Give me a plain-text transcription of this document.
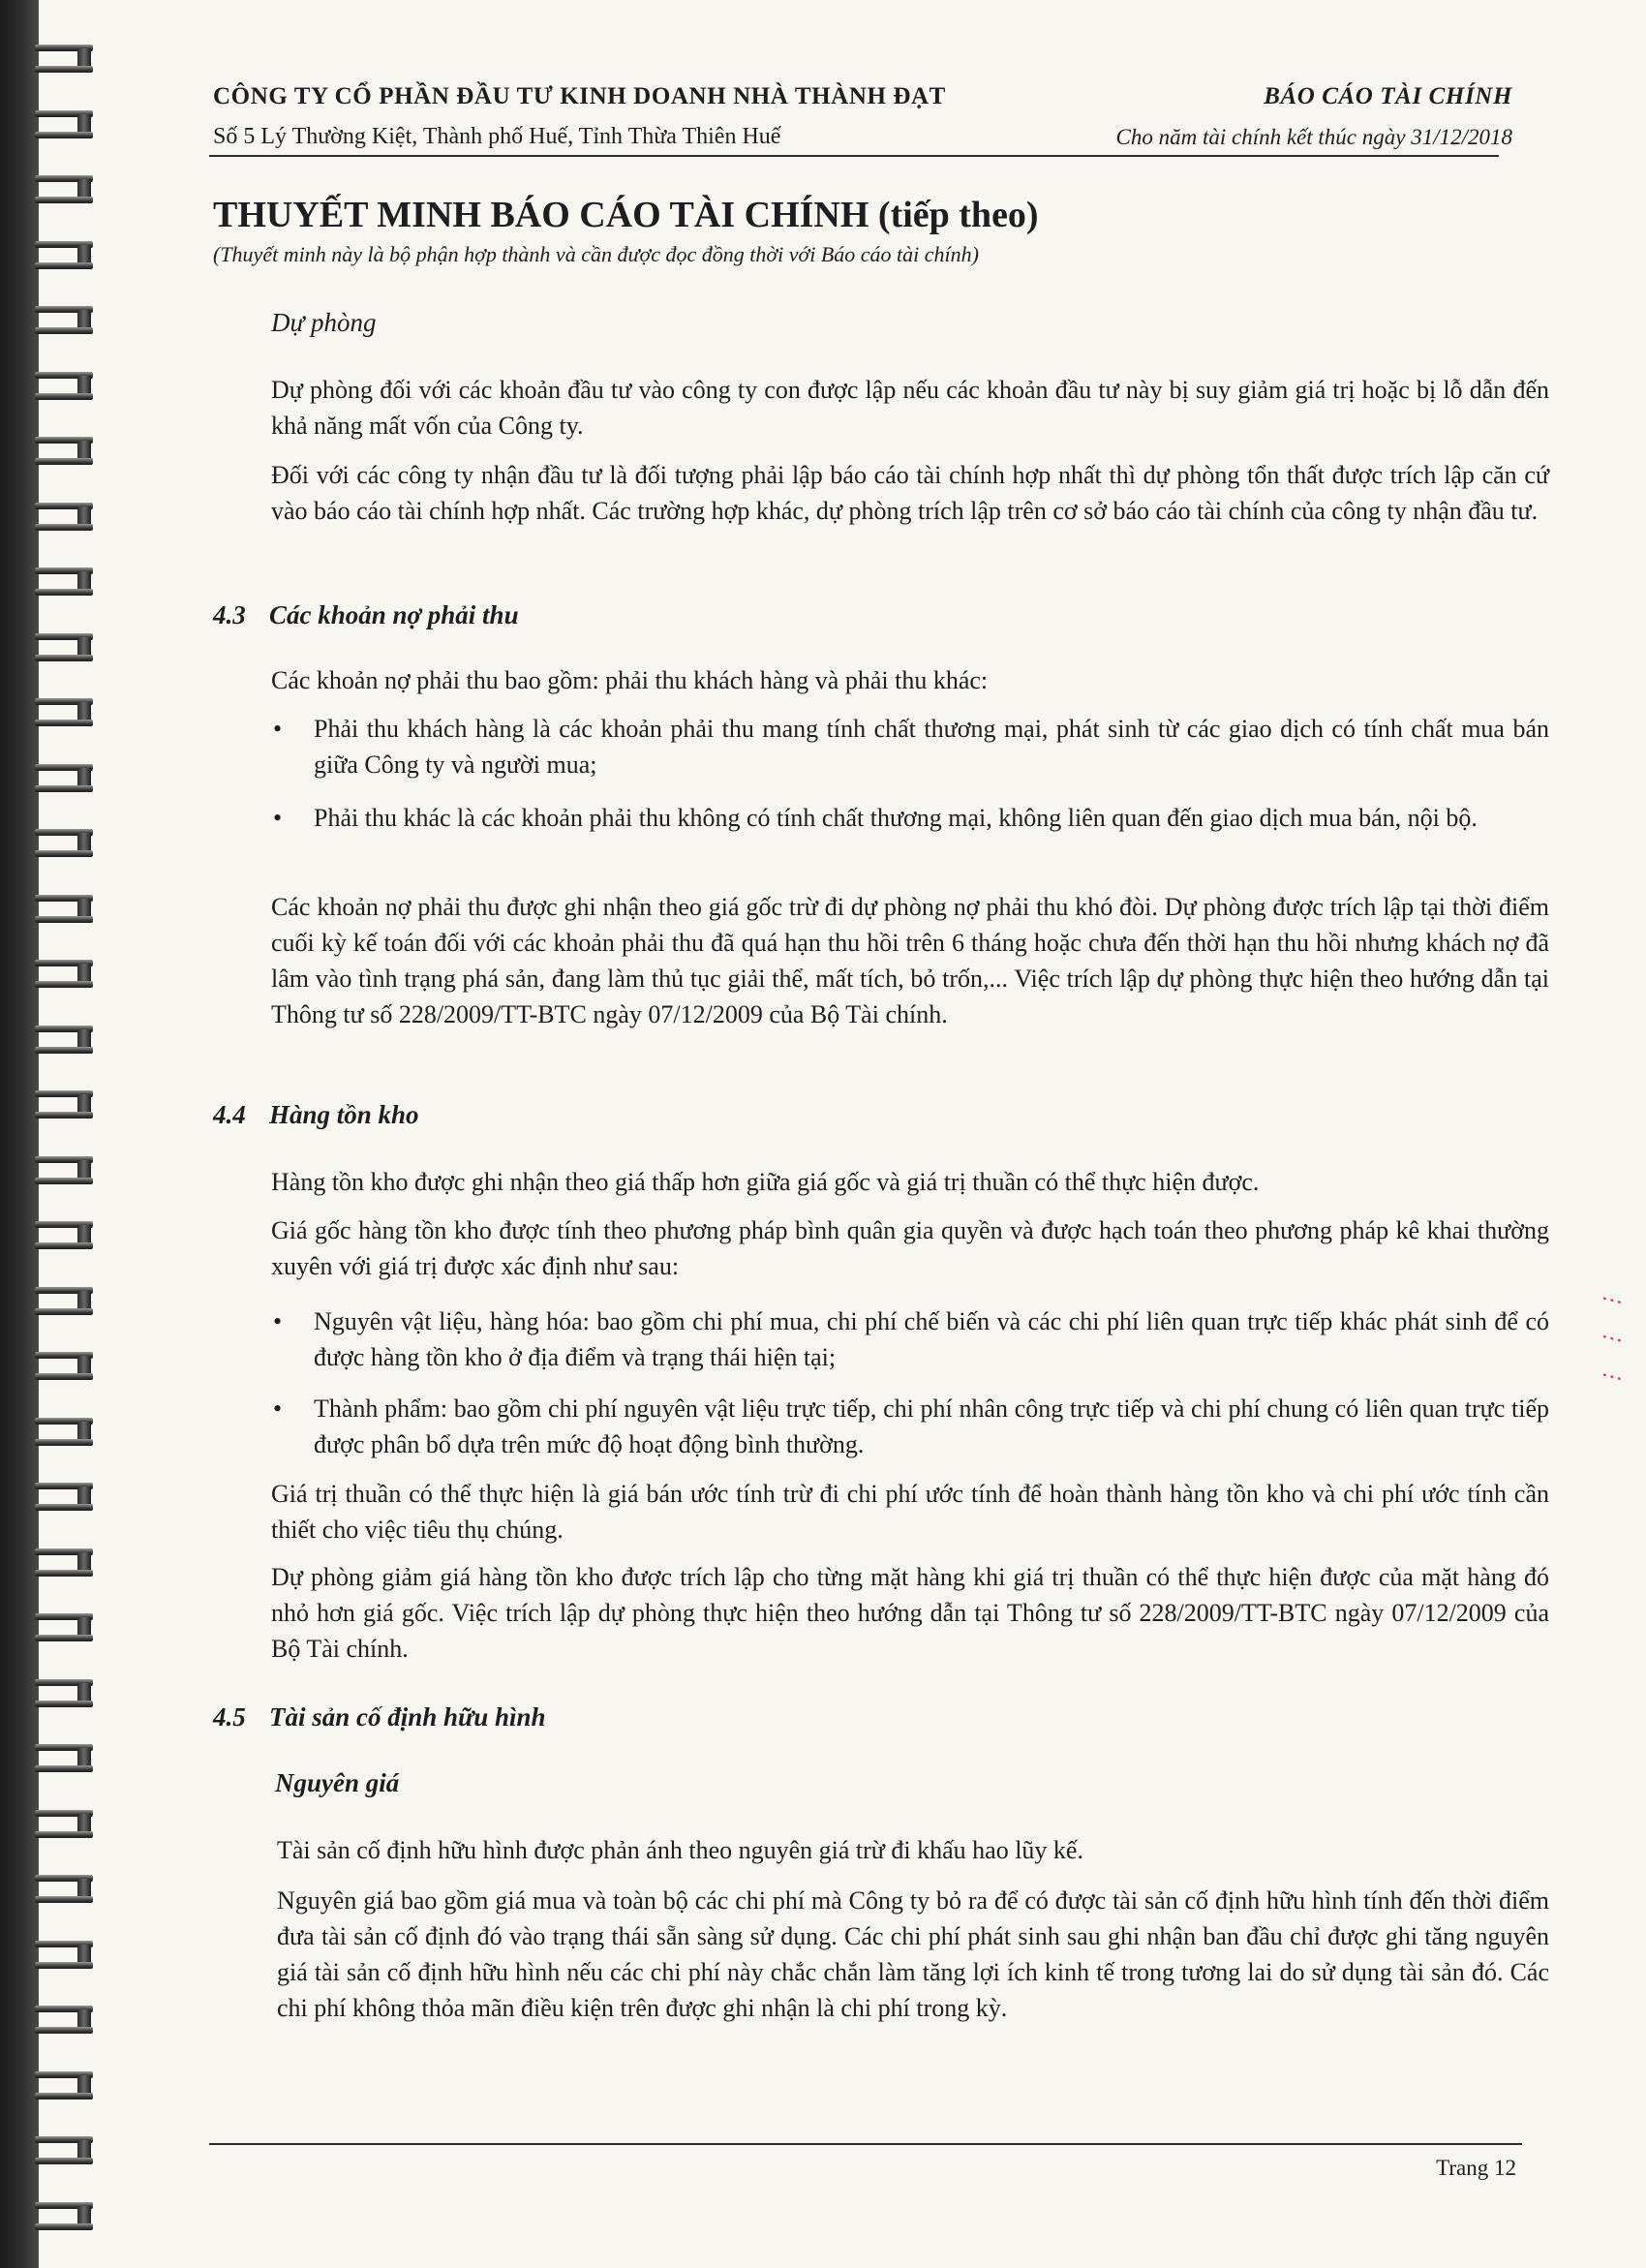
CÔNG TY CỔ PHẦN ĐẦU TƯ KINH DOANH NHÀ THÀNH ĐẠT
Số 5 Lý Thường Kiệt, Thành phố Huế, Tỉnh Thừa Thiên Huế
BÁO CÁO TÀI CHÍNH
Cho năm tài chính kết thúc ngày 31/12/2018
THUYẾT MINH BÁO CÁO TÀI CHÍNH (tiếp theo)
(Thuyết minh này là bộ phận hợp thành và cần được đọc đồng thời với Báo cáo tài chính)
Dự phòng

Dự phòng đối với các khoản đầu tư vào công ty con được lập nếu các khoản đầu tư này bị suy giảm giá trị hoặc bị lỗ dẫn đến khả năng mất vốn của Công ty.

Đối với các công ty nhận đầu tư là đối tượng phải lập báo cáo tài chính hợp nhất thì dự phòng tổn thất được trích lập căn cứ vào báo cáo tài chính hợp nhất. Các trường hợp khác, dự phòng trích lập trên cơ sở báo cáo tài chính của công ty nhận đầu tư.

4.3 Các khoản nợ phải thu

Các khoản nợ phải thu bao gồm: phải thu khách hàng và phải thu khác:

• Phải thu khách hàng là các khoản phải thu mang tính chất thương mại, phát sinh từ các giao dịch có tính chất mua bán giữa Công ty và người mua;
• Phải thu khác là các khoản phải thu không có tính chất thương mại, không liên quan đến giao dịch mua bán, nội bộ.

Các khoản nợ phải thu được ghi nhận theo giá gốc trừ đi dự phòng nợ phải thu khó đòi. Dự phòng được trích lập tại thời điểm cuối kỳ kế toán đối với các khoản phải thu đã quá hạn thu hồi trên 6 tháng hoặc chưa đến thời hạn thu hồi nhưng khách nợ đã lâm vào tình trạng phá sản, đang làm thủ tục giải thể, mất tích, bỏ trốn,... Việc trích lập dự phòng thực hiện theo hướng dẫn tại Thông tư số 228/2009/TT-BTC ngày 07/12/2009 của Bộ Tài chính.

4.4 Hàng tồn kho

Hàng tồn kho được ghi nhận theo giá thấp hơn giữa giá gốc và giá trị thuần có thể thực hiện được.

Giá gốc hàng tồn kho được tính theo phương pháp bình quân gia quyền và được hạch toán theo phương pháp kê khai thường xuyên với giá trị được xác định như sau:

• Nguyên vật liệu, hàng hóa: bao gồm chi phí mua, chi phí chế biến và các chi phí liên quan trực tiếp khác phát sinh để có được hàng tồn kho ở địa điểm và trạng thái hiện tại;
• Thành phẩm: bao gồm chi phí nguyên vật liệu trực tiếp, chi phí nhân công trực tiếp và chi phí chung có liên quan trực tiếp được phân bổ dựa trên mức độ hoạt động bình thường.

Giá trị thuần có thể thực hiện là giá bán ước tính trừ đi chi phí ước tính để hoàn thành hàng tồn kho và chi phí ước tính cần thiết cho việc tiêu thụ chúng.

Dự phòng giảm giá hàng tồn kho được trích lập cho từng mặt hàng khi giá trị thuần có thể thực hiện được của mặt hàng đó nhỏ hơn giá gốc. Việc trích lập dự phòng thực hiện theo hướng dẫn tại Thông tư số 228/2009/TT-BTC ngày 07/12/2009 của Bộ Tài chính.

4.5 Tài sản cố định hữu hình
Nguyên giá

Tài sản cố định hữu hình được phản ánh theo nguyên giá trừ đi khấu hao lũy kế.

Nguyên giá bao gồm giá mua và toàn bộ các chi phí mà Công ty bỏ ra để có được tài sản cố định hữu hình tính đến thời điểm đưa tài sản cố định đó vào trạng thái sẵn sàng sử dụng. Các chi phí phát sinh sau ghi nhận ban đầu chỉ được ghi tăng nguyên giá tài sản cố định hữu hình nếu các chi phí này chắc chắn làm tăng lợi ích kinh tế trong tương lai do sử dụng tài sản đó. Các chi phí không thỏa mãn điều kiện trên được ghi nhận là chi phí trong kỳ.

Trang 12
⋮ ⋮ ⋮
